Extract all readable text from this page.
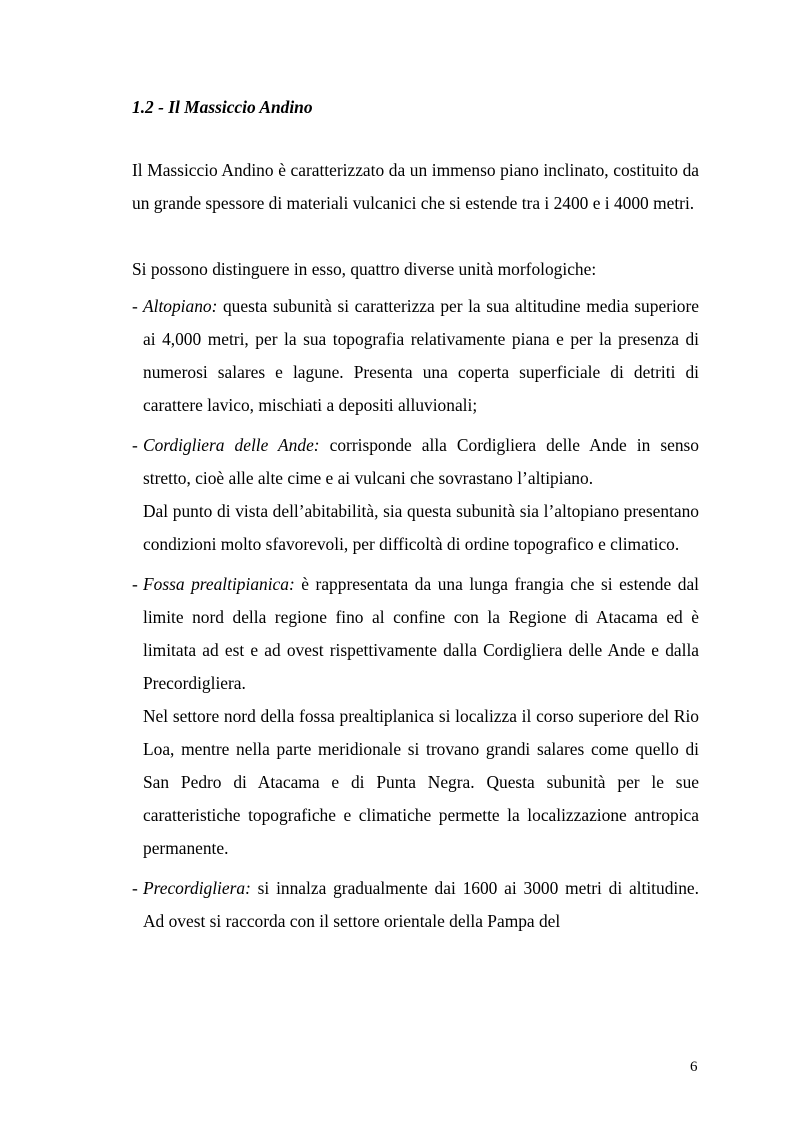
1.2 - Il Massiccio Andino
Il Massiccio Andino è caratterizzato da un immenso piano inclinato, costituito da un grande spessore di materiali vulcanici che si estende tra i 2400 e i 4000 metri.
Si possono distinguere in esso, quattro diverse unità morfologiche:
- Altopiano: questa subunità si caratterizza per la sua altitudine media superiore ai 4,000 metri, per la sua topografia relativamente piana e per la presenza di numerosi salares e lagune. Presenta una coperta superficiale di detriti di carattere lavico, mischiati a depositi alluvionali;
- Cordigliera delle Ande: corrisponde alla Cordigliera delle Ande in senso stretto, cioè alle alte cime e ai vulcani che sovrastano l’altipiano.
Dal punto di vista dell’abitabilità, sia questa subunità sia l’altopiano presentano condizioni molto sfavorevoli, per difficoltà di ordine topografico e climatico.
- Fossa prealtipianica: è rappresentata da una lunga frangia che si estende dal limite nord della regione fino al confine con la Regione di Atacama ed è limitata ad est e ad ovest rispettivamente dalla Cordigliera delle Ande e dalla Precordigliera.
Nel settore nord della fossa prealtiplanica si localizza il corso superiore del Rio Loa, mentre nella parte meridionale si trovano grandi salares come quello di San Pedro di Atacama e di Punta Negra. Questa subunità per le sue caratteristiche topografiche e climatiche permette la localizzazione antropica permanente.
- Precordigliera: si innalza gradualmente dai 1600 ai 3000 metri di altitudine. Ad ovest si raccorda con il settore orientale della Pampa del
6
